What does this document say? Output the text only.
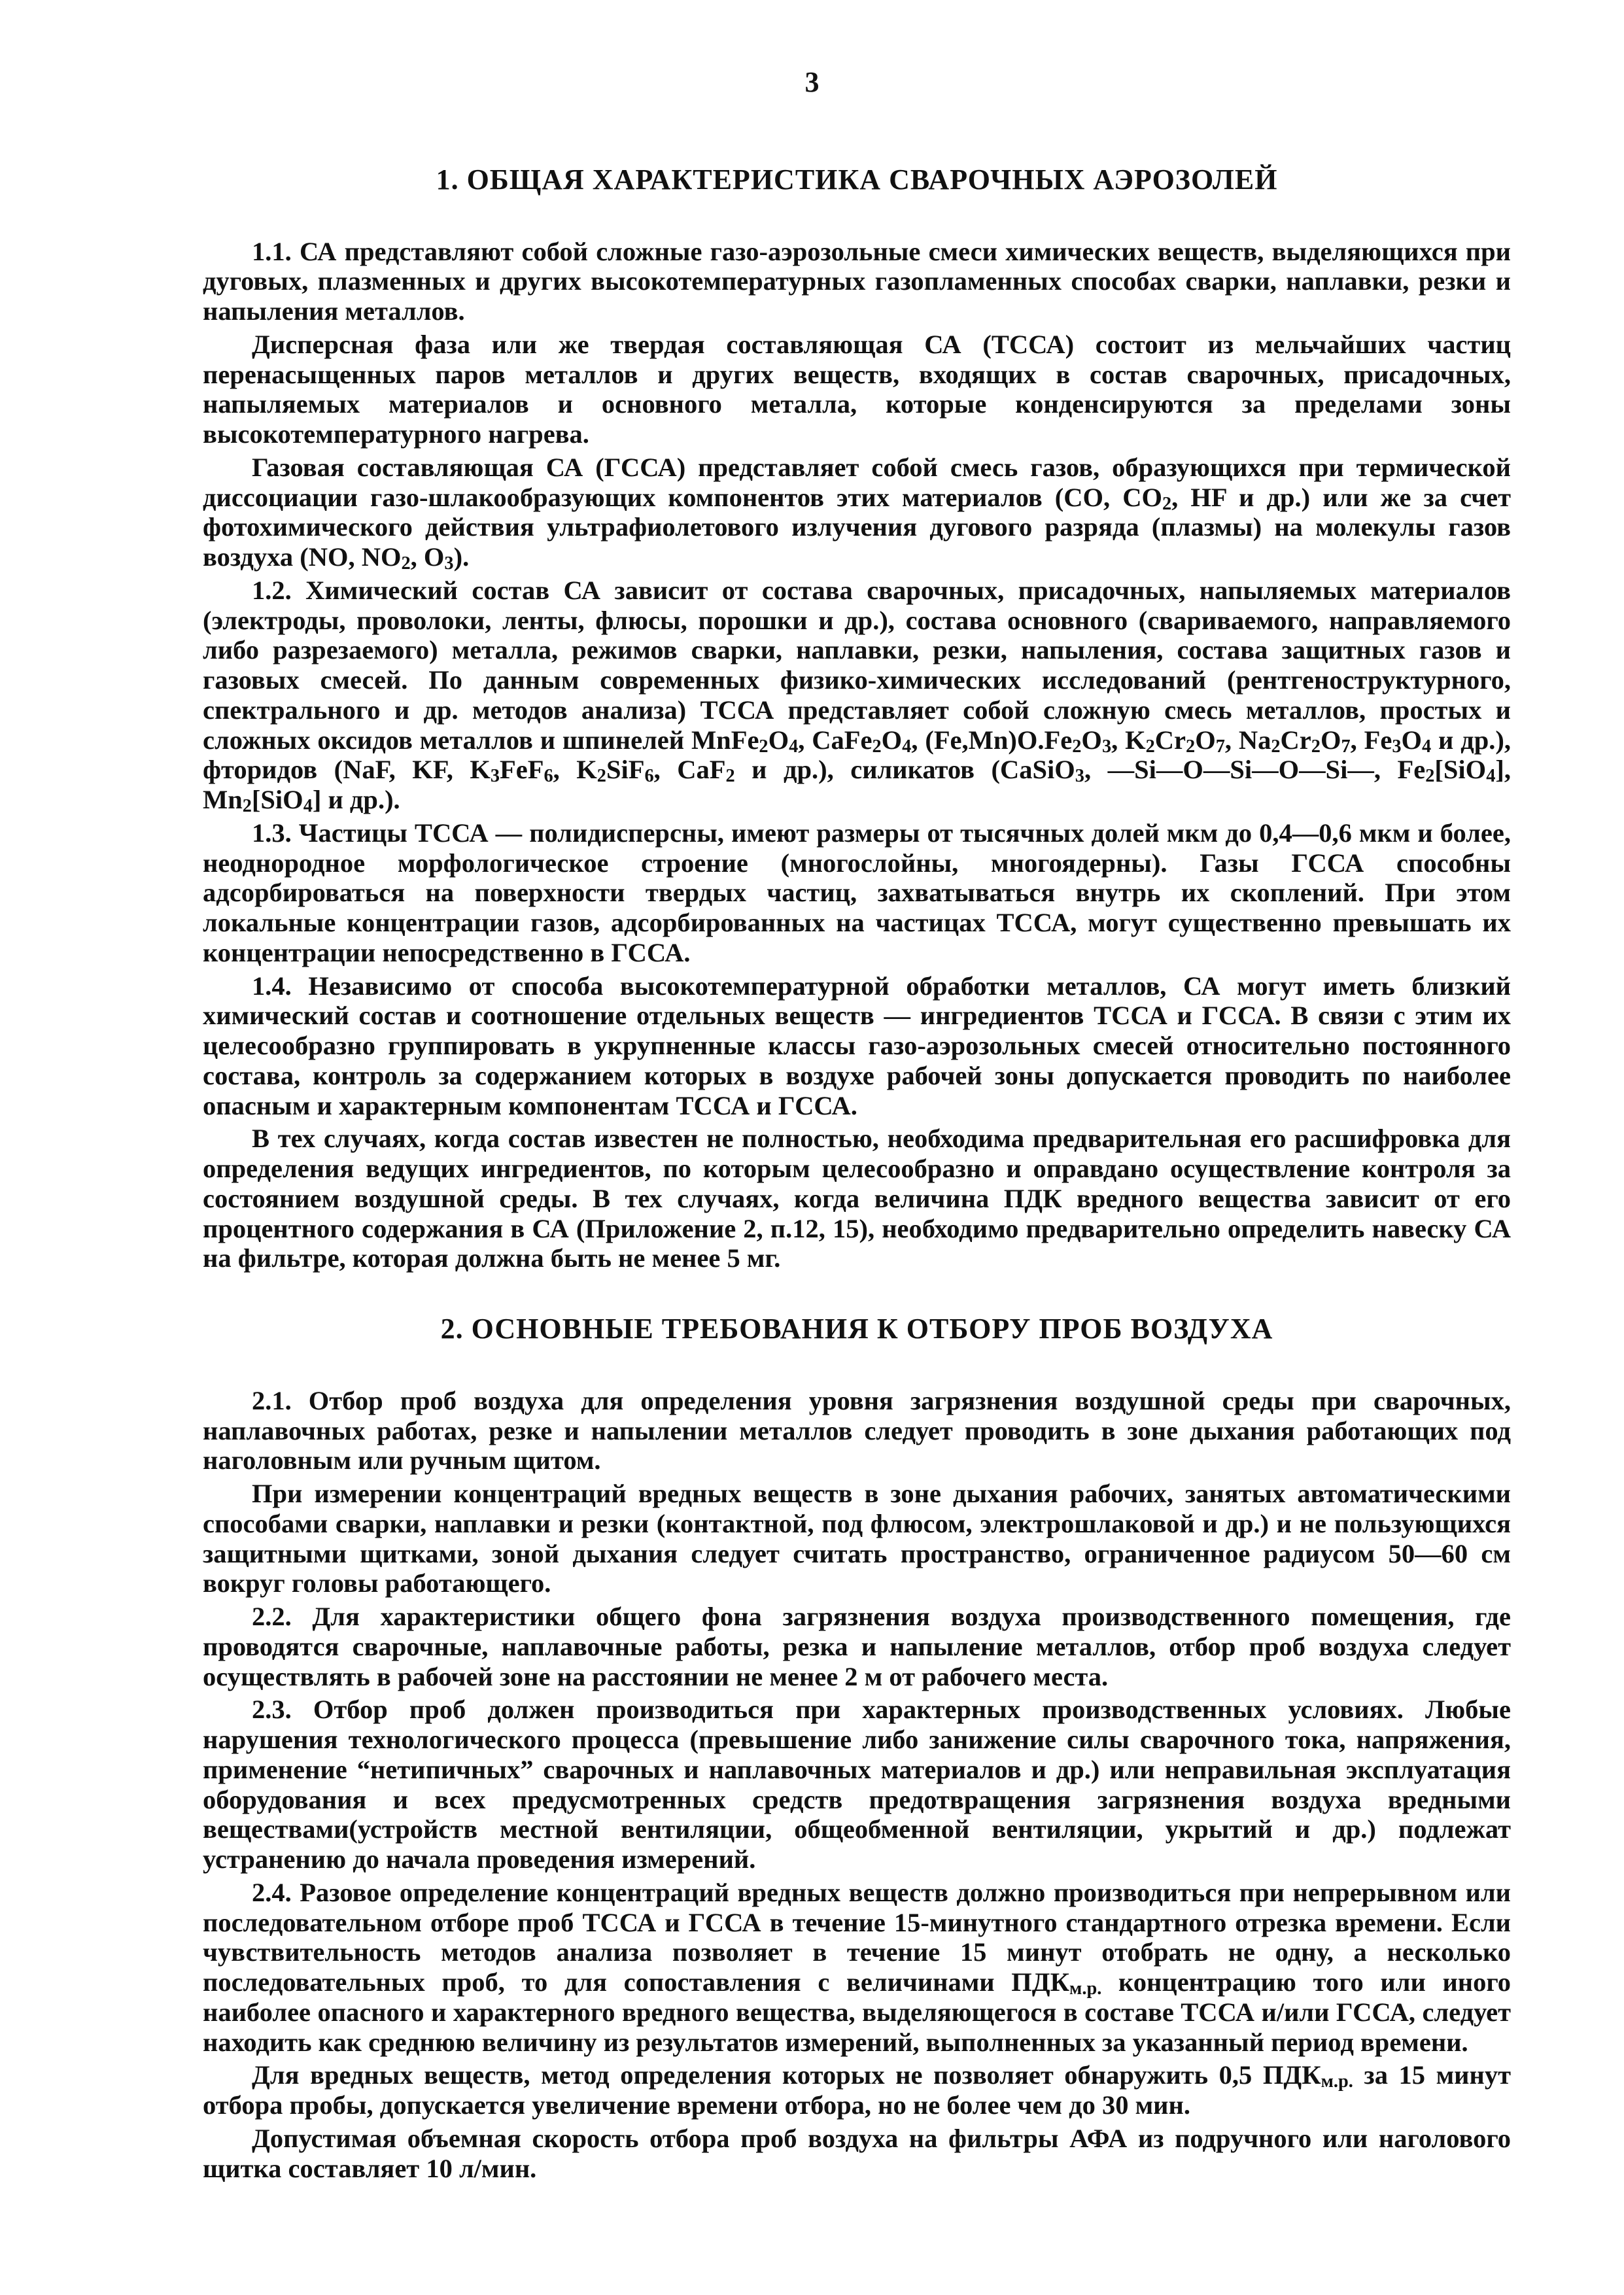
3
1. ОБЩАЯ ХАРАКТЕРИСТИКА СВАРОЧНЫХ АЭРОЗОЛЕЙ

1.1. СА представляют собой сложные газо-аэрозольные смеси химических веществ, выделяющихся при дуговых, плазменных и других высокотемпературных газопламенных способах сварки, наплавки, резки и напыления металлов.

Дисперсная фаза или же твердая составляющая СА (ТССА) состоит из мельчайших частиц перенасыщенных паров металлов и других веществ, входящих в состав сварочных, присадочных, напыляемых материалов и основного металла, которые конденсируются за пределами зоны высокотемпературного нагрева.

Газовая составляющая СА (ГССА) представляет собой смесь газов, образующихся при термической диссоциации газо-шлакообразующих компонентов этих материалов (CO, $CO_2$, HF и др.) или же за счет фотохимического действия ультрафиолетового излучения дугового разряда (плазмы) на молекулы газов воздуха (NO, $NO_2$, $O_3$).

1.2. Химический состав СА зависит от состава сварочных, присадочных, напыляемых материалов (электроды, проволоки, ленты, флюсы, порошки и др.), состава основного (свариваемого, направляемого либо разрезаемого) металла, режимов сварки, наплавки, резки, напыления, состава защитных газов и газовых смесей. По данным современных физико-химических исследований (рентгеноструктурного, спектрального и др. методов анализа) ТССА представляет собой сложную смесь металлов, простых и сложных оксидов металлов и шпинелей $MnFe_2O_4$, $CaFe_2O_4$, $(Fe,Mn)O.Fe_2O_3$, $K_2Cr_2O_7$, $Na_2Cr_2O_7$, $Fe_3O_4$ и др.), фторидов (NaF, KF, $K_3FeF_6$, $K_2SiF_6$, CaF$_2$ и др.), силикатов (CaSiO$_3$, —Si—O—Si—O—Si—, $Fe_2[SiO_4]$, $Mn_2[SiO_4]$ и др.).

1.3. Частицы ТССА — полидисперсны, имеют размеры от тысячных долей мкм до 0,4—0,6 мкм и более, неоднородное морфологическое строение (многослойны, многоядерны). Газы ГССА способны адсорбироваться на поверхности твердых частиц, захватываться внутрь их скоплений. При этом локальные концентрации газов, адсорбированных на частицах ТССА, могут существенно превышать их концентрации непосредственно в ГССА.

1.4. Независимо от способа высокотемпературной обработки металлов, СА могут иметь близкий химический состав и соотношение отдельных веществ — ингредиентов ТССА и ГССА. В связи с этим их целесообразно группировать в укрупненные классы газо-аэрозольных смесей относительно постоянного состава, контроль за содержанием которых в воздухе рабочей зоны допускается проводить по наиболее опасным и характерным компонентам ТССА и ГССА.

В тех случаях, когда состав известен не полностью, необходима предварительная его расшифровка для определения ведущих ингредиентов, по которым целесообразно и оправдано осуществление контроля за состоянием воздушной среды. В тех случаях, когда величина ПДК вредного вещества зависит от его процентного содержания в СА (Приложение 2, п.12, 15), необходимо предварительно определить навеску СА на фильтре, которая должна быть не менее 5 мг.

2. ОСНОВНЫЕ ТРЕБОВАНИЯ К ОТБОРУ ПРОБ ВОЗДУХА

2.1. Отбор проб воздуха для определения уровня загрязнения воздушной среды при сварочных, наплавочных работах, резке и напылении металлов следует проводить в зоне дыхания работающих под наголовным или ручным щитом.

При измерении концентраций вредных веществ в зоне дыхания рабочих, занятых автоматическими способами сварки, наплавки и резки (контактной, под флюсом, электрошлаковой и др.) и не пользующихся защитными щитками, зоной дыхания следует считать пространство, ограниченное радиусом 50—60 см вокруг головы работающего.

2.2. Для характеристики общего фона загрязнения воздуха производственного помещения, где проводятся сварочные, наплавочные работы, резка и напыление металлов, отбор проб воздуха следует осуществлять в рабочей зоне на расстоянии не менее 2 м от рабочего места.

2.3. Отбор проб должен производиться при характерных производственных условиях. Любые нарушения технологического процесса (превышение либо занижение силы сварочного тока, напряжения, применение “нетипичных” сварочных и наплавочных материалов и др.) или неправильная эксплуатация оборудования и всех предусмотренных средств предотвращения загрязнения воздуха вредными веществами(устройств местной вентиляции, общеобменной вентиляции, укрытий и др.) подлежат устранению до начала проведения измерений.

2.4. Разовое определение концентраций вредных веществ должно производиться при непрерывном или последовательном отборе проб ТССА и ГССА в течение 15-минутного стандартного отрезка времени. Если чувствительность методов анализа позволяет в течение 15 минут отобрать не одну, а несколько последовательных проб, то для сопоставления с величинами $ПДК_{м.р.}$ концентрацию того или иного наиболее опасного и характерного вредного вещества, выделяющегося в составе ТССА и/или ГССА, следует находить как среднюю величину из результатов измерений, выполненных за указанный период времени.

Для вредных веществ, метод определения которых не позволяет обнаружить 0,5 $ПДК_{м.р.}$ за 15 минут отбора пробы, допускается увеличение времени отбора, но не более чем до 30 мин.

Допустимая объемная скорость отбора проб воздуха на фильтры АФА из подручного или наголового щитка составляет 10 л/мин.
